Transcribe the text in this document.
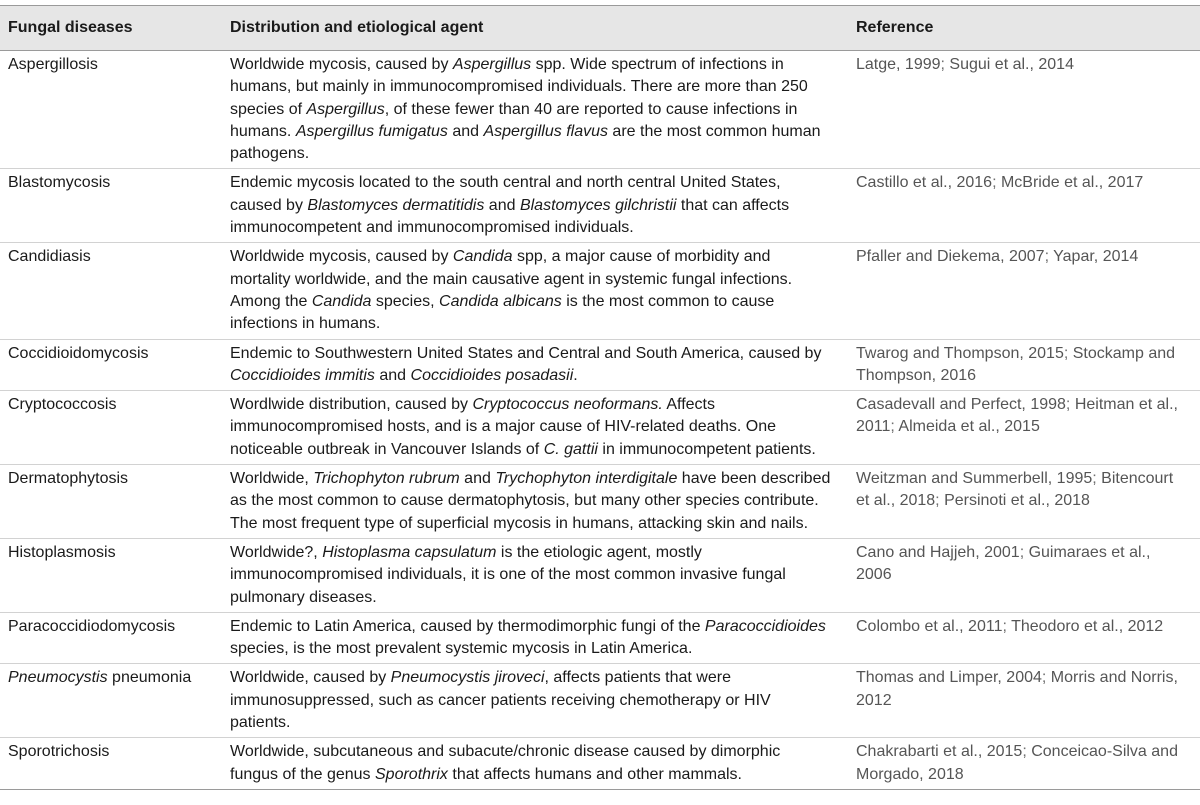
Fungal diseases	Distribution and etiological agent	Reference
Aspergillosis	Worldwide mycosis, caused by Aspergillus spp. Wide spectrum of infections in humans, but mainly in immunocompromised individuals. There are more than 250 species of Aspergillus, of these fewer than 40 are reported to cause infections in humans. Aspergillus fumigatus and Aspergillus flavus are the most common human pathogens.	Latge, 1999; Sugui et al., 2014
Blastomycosis	Endemic mycosis located to the south central and north central United States, caused by Blastomyces dermatitidis and Blastomyces gilchristii that can affects immunocompetent and immunocompromised individuals.	Castillo et al., 2016; McBride et al., 2017
Candidiasis	Worldwide mycosis, caused by Candida spp, a major cause of morbidity and mortality worldwide, and the main causative agent in systemic fungal infections. Among the Candida species, Candida albicans is the most common to cause infections in humans.	Pfaller and Diekema, 2007; Yapar, 2014
Coccidioidomycosis	Endemic to Southwestern United States and Central and South America, caused by Coccidioides immitis and Coccidioides posadasii.	Twarog and Thompson, 2015; Stockamp and Thompson, 2016
Cryptococcosis	Wordlwide distribution, caused by Cryptococcus neoformans. Affects immunocompromised hosts, and is a major cause of HIV-related deaths. One noticeable outbreak in Vancouver Islands of C. gattii in immunocompetent patients.	Casadevall and Perfect, 1998; Heitman et al., 2011; Almeida et al., 2015
Dermatophytosis	Worldwide, Trichophyton rubrum and Trychophyton interdigitale have been described as the most common to cause dermatophytosis, but many other species contribute. The most frequent type of superficial mycosis in humans, attacking skin and nails.	Weitzman and Summerbell, 1995; Bitencourt et al., 2018; Persinoti et al., 2018
Histoplasmosis	Worldwide?, Histoplasma capsulatum is the etiologic agent, mostly immunocompromised individuals, it is one of the most common invasive fungal pulmonary diseases.	Cano and Hajjeh, 2001; Guimaraes et al., 2006
Paracoccidiodomycosis	Endemic to Latin America, caused by thermodimorphic fungi of the Paracoccidioides species, is the most prevalent systemic mycosis in Latin America.	Colombo et al., 2011; Theodoro et al., 2012
Pneumocystis pneumonia	Worldwide, caused by Pneumocystis jiroveci, affects patients that were immunosuppressed, such as cancer patients receiving chemotherapy or HIV patients.	Thomas and Limper, 2004; Morris and Norris, 2012
Sporotrichosis	Worldwide, subcutaneous and subacute/chronic disease caused by dimorphic fungus of the genus Sporothrix that affects humans and other mammals.	Chakrabarti et al., 2015; Conceicao-Silva and Morgado, 2018
